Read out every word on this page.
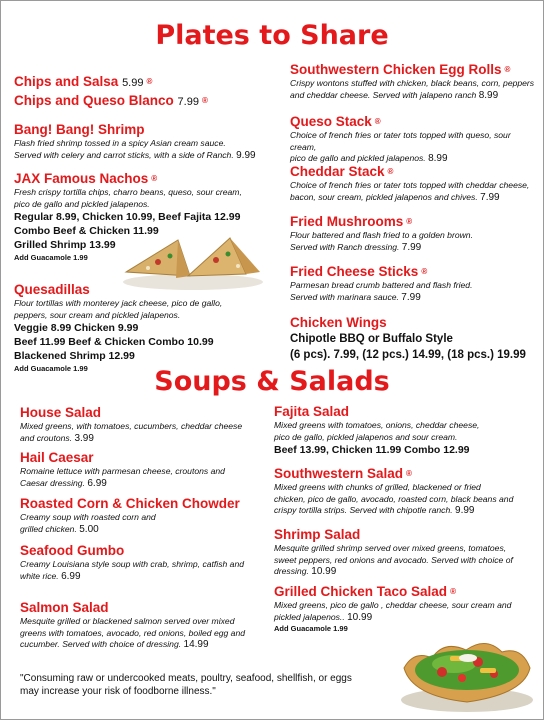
Plates to Share
Chips and Salsa 5.99 ®
Chips and Queso Blanco 7.99 ®
Bang! Bang! Shrimp
Flash fried shrimp tossed in a spicy Asian cream sauce.
Served with celery and carrot sticks, with a side of Ranch. 9.99
JAX Famous Nachos ®
Fresh crispy tortilla chips, charro beans, queso, sour cream,
pico de gallo and pickled jalapenos.
Regular 8.99, Chicken 10.99, Beef Fajita 12.99
Combo Beef & Chicken 11.99
Grilled Shrimp 13.99
Add Guacamole 1.99
Quesadillas
Flour tortillas with monterey jack cheese, pico de gallo,
peppers, sour cream and pickled jalapenos.
Veggie 8.99 Chicken 9.99
Beef 11.99 Beef & Chicken Combo 10.99
Blackened Shrimp 12.99
Add Guacamole 1.99
Southwestern Chicken Egg Rolls ®
Crispy wontons stuffed with chicken, black beans, corn, peppers
and cheddar cheese. Served with jalapeno ranch 8.99
Queso Stack ®
Choice of french fries or tater tots topped with queso, sour cream,
pico de gallo and pickled jalapenos. 8.99
Cheddar Stack ®
Choice of french fries or tater tots topped with cheddar cheese,
bacon, sour cream, pickled jalapenos and chives. 7.99
Fried Mushrooms ®
Flour battered and flash fried to a golden brown.
Served with Ranch dressing. 7.99
Fried Cheese Sticks ®
Parmesan bread crumb battered and flash fried.
Served with marinara sauce. 7.99
Chicken Wings
Chipotle BBQ or Buffalo Style
(6 pcs). 7.99, (12 pcs.) 14.99, (18 pcs.) 19.99
Soups & Salads
House Salad
Mixed greens, with tomatoes, cucumbers, cheddar cheese
and croutons. 3.99
Hail Caesar
Romaine lettuce with parmesan cheese, croutons and
Caesar dressing. 6.99
Roasted Corn & Chicken Chowder
Creamy soup with roasted corn and
grilled chicken. 5.00
Seafood Gumbo
Creamy Louisiana style soup with crab, shrimp, catfish and
white rice. 6.99
Salmon Salad
Mesquite grilled or blackened salmon served over mixed
greens with tomatoes, avocado, red onions, boiled egg and
cucumber. Served with choice of dressing. 14.99
Fajita Salad
Mixed greens with tomatoes, onions, cheddar cheese,
pico de gallo, pickled jalapenos and sour cream.
Beef 13.99, Chicken 11.99 Combo 12.99
Southwestern Salad ®
Mixed greens with chunks of grilled, blackened or fried
chicken, pico de gallo, avocado, roasted corn, black beans and
crispy tortilla strips. Served with chipotle ranch. 9.99
Shrimp Salad
Mesquite grilled shrimp served over mixed greens, tomatoes,
sweet peppers, red onions and avocado. Served with choice of
dressing. 10.99
Grilled Chicken Taco Salad ®
Mixed greens, pico de gallo , cheddar cheese, sour cream and
pickled jalapenos.. 10.99
Add Guacamole 1.99
"Consuming raw or undercooked meats, poultry, seafood, shellfish, or eggs
may increase your risk of foodborne illness."
